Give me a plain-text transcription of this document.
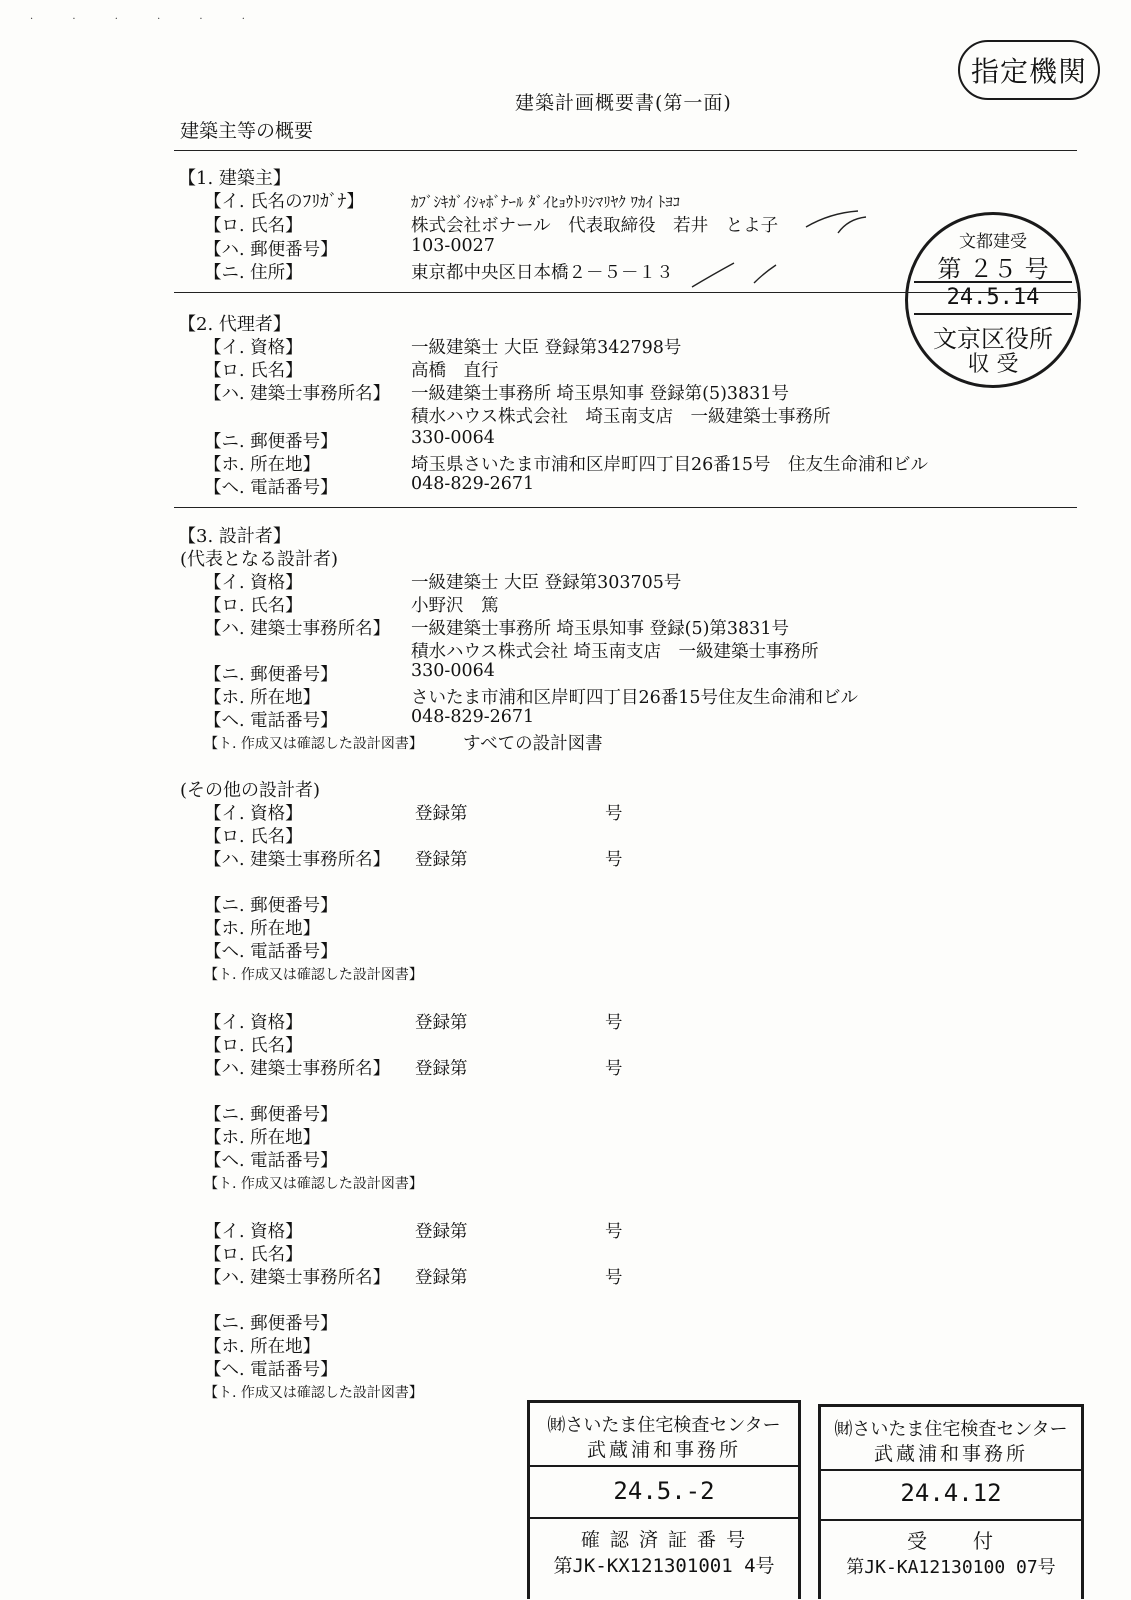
· · · · · ·
指定機関
建築計画概要書(第一面)
建築主等の概要
文都建受
第 ２５ 号
24.5.14
文京区役所
収 受
【1. 建築主】
【イ. 氏名のﾌﾘｶﾞﾅ】	ｶﾌﾞｼｷｶﾞｲｼｬﾎﾞﾅｰﾙ ﾀﾞｲﾋｮｳﾄﾘｼﾏﾘﾔｸ ﾜｶｲ ﾄﾖｺ
【ロ. 氏名】	株式会社ボナール　代表取締役　若井　とよ子
【ハ. 郵便番号】	103-0027
【ニ. 住所】	東京都中央区日本橋２－５－１３
【2. 代理者】
【イ. 資格】	一級建築士 大臣 登録第342798号
【ロ. 氏名】	高橋　直行
【ハ. 建築士事務所名】 一級建築士事務所 埼玉県知事 登録第(5)3831号
積水ハウス株式会社　埼玉南支店　一級建築士事務所
【ニ. 郵便番号】	330-0064
【ホ. 所在地】	埼玉県さいたま市浦和区岸町四丁目26番15号　住友生命浦和ビル
【ヘ. 電話番号】	048-829-2671
【3. 設計者】
(代表となる設計者)
【イ. 資格】	一級建築士 大臣 登録第303705号
【ロ. 氏名】	小野沢　篤
【ハ. 建築士事務所名】 一級建築士事務所 埼玉県知事 登録(5)第3831号
積水ハウス株式会社 埼玉南支店　一級建築士事務所
【ニ. 郵便番号】	330-0064
【ホ. 所在地】	さいたま市浦和区岸町四丁目26番15号住友生命浦和ビル
【ヘ. 電話番号】	048-829-2671
【ト. 作成又は確認した設計図書】 すべての設計図書
(その他の設計者)
【イ. 資格】	登録第	号
【ロ. 氏名】
【ハ. 建築士事務所名】 登録第	号
【ニ. 郵便番号】
【ホ. 所在地】
【ヘ. 電話番号】
【ト. 作成又は確認した設計図書】
【イ. 資格】	登録第	号
【ロ. 氏名】
【ハ. 建築士事務所名】 登録第	号
【ニ. 郵便番号】
【ホ. 所在地】
【ヘ. 電話番号】
【ト. 作成又は確認した設計図書】
【イ. 資格】	登録第	号
【ロ. 氏名】
【ハ. 建築士事務所名】 登録第	号
【ニ. 郵便番号】
【ホ. 所在地】
【ヘ. 電話番号】
【ト. 作成又は確認した設計図書】
㈶さいたま住宅検査センター
武蔵浦和事務所
24.5.-2
確 認 済 証 番 号
第JK-KX121301001 4号
㈶さいたま住宅検査センター
武蔵浦和事務所
24.4.12
受　　付
第JK-KA12130100 07号
